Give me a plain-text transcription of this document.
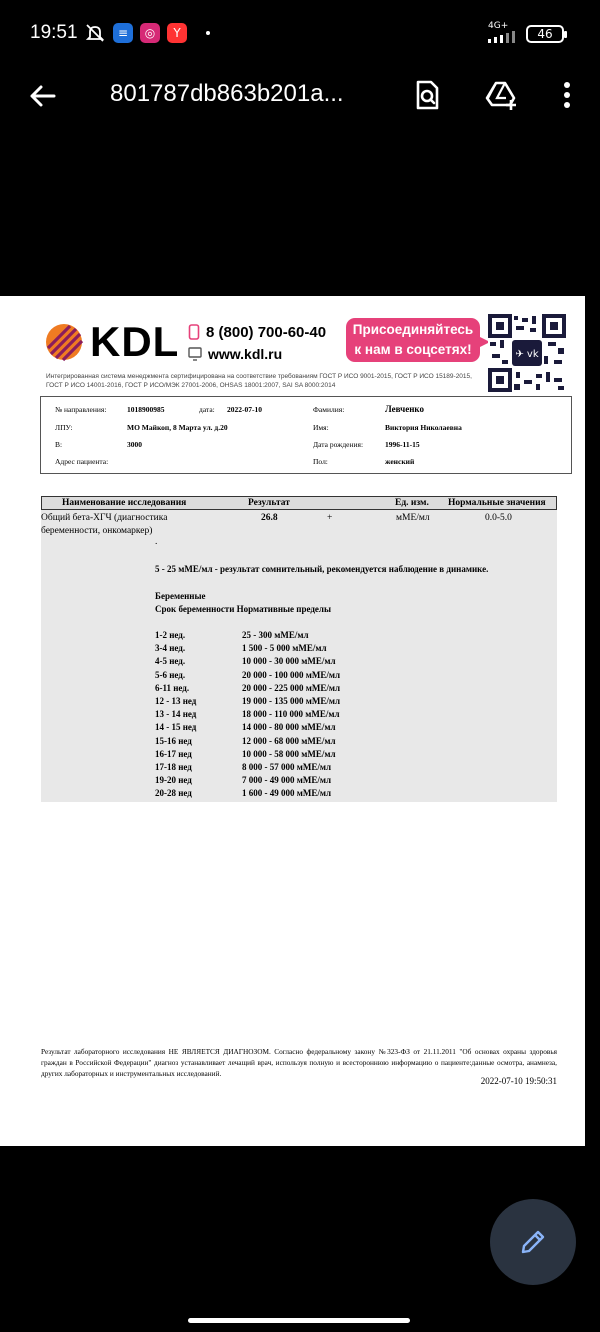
19:51	≡	◎	Y	4G+

46
801787db863b201a...
KDL 8 (800) 700-60-40
www.kdl.ru
Присоединяйтесь
к нам в соцсетях!	✈ vk
Интегрированная система менеджмента сертифицирована на соответствие требованиям ГОСТ Р ИСО 9001-2015, ГОСТ Р ИСО 15189-2015, ГОСТ Р ИСО 14001-2016, ГОСТ Р ИСО/МЭК 27001-2006, OHSAS 18001:2007, SAI SA 8000:2014
№ направления:	1018900985	дата: 2022-07-10	Фамилия:	Левченко
ЛПУ:	МО Майкоп, 8 Марта ул. д.20	Имя:	Виктория Николаевна
В:	3000	Дата рождения:	1996-11-15
Адрес пациента:	Пол:	женский
Наименование исследования	Результат	Ед. изм. Нормальные значения
Общий бета-ХГЧ (диагностика
беременности, онкомаркер)
26.8	+	мМЕ/мл	0.0-5.0
.
5 - 25 мМЕ/мл - результат сомнительный, рекомендуется наблюдение в динамике.
Беременные
Срок беременности Нормативные пределы
1-2 нед.	25 - 300 мМЕ/мл
3-4 нед.	1 500 - 5 000 мМЕ/мл
4-5 нед.	10 000 - 30 000 мМЕ/мл
5-6 нед.	20 000 - 100 000 мМЕ/мл
6-11 нед.	20 000 - 225 000 мМЕ/мл
12 - 13 нед	19 000 - 135 000 мМЕ/мл
13 - 14 нед	18 000 - 110 000 мМЕ/мл
14 - 15 нед	14 000 - 80 000 мМЕ/мл
15-16 нед	12 000 - 68 000 мМЕ/мл
16-17 нед	10 000 - 58 000 мМЕ/мл
17-18 нед	8 000 - 57 000 мМЕ/мл
19-20 нед	7 000 - 49 000 мМЕ/мл
20-28 нед	1 600 - 49 000 мМЕ/мл
Результат лабораторного исследования НЕ ЯВЛЯЕТСЯ ДИАГНОЗОМ. Согласно федеральному закону №323-ФЗ от 21.11.2011 "Об основах охраны здоровья граждан в Российской Федерации" диагноз устанавливает лечащий врач, используя полную и всестороннюю информацию о пациенте:данные осмотра, анамнеза, других лабораторных и инструментальных исследований.
2022-07-10 19:50:31
